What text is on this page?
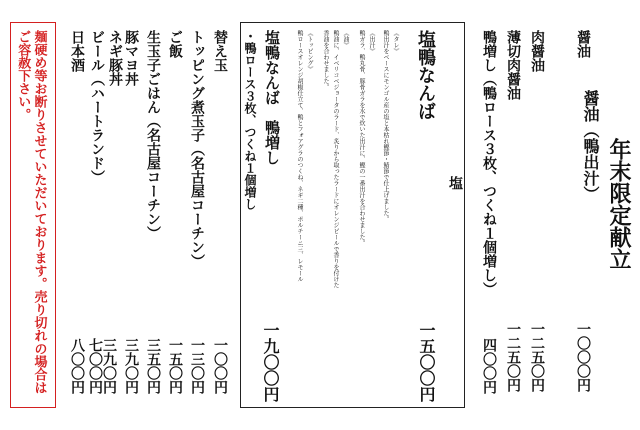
年末限定献立
醤油（鴨出汁）
醤油
一〇〇〇円
肉醤油
一二五〇円
薄切肉醤油
一二五〇円
鴨増し（鴨ロース３枚、つくね１個増し）
四〇〇円
塩
塩鴨なんば
一五〇〇円
《タレ》
鴨出汁をベースにモンゴル産の塩と本枯れ鰹節・鯖節で仕上げました。
《出汁》
鴨ガラ、鴨丸骨、豚骨ガラを水で炊いた出汁に、鰹の一番出汁を合わせました。
《油》
鴨油に、イベリコベジョータのラード、炙りから取ったラードにオレンジピールで香りを付けた
香油を合わせました。
《トッピング》
鴨ロースオレンジ胡椒仕立て、鴨とフォアグラのつくね、ネギ二種、ポルチーニ三、レモール
塩鴨なんば　鴨増し
・鴨ロース３枚、つくね１個増し
一九〇〇円
替え玉
一〇〇円
トッピング煮玉子（名古屋コーチン）
一三〇円
ご飯
一五〇円
生玉子ごはん（名古屋コーチン）
三五〇円
豚マヨ丼
三九〇円
ネギ豚丼
三九〇円
ビール（ハートランド）
七〇〇円
日本酒
八〇〇円
麺硬め等お断りさせていただいております。売り切れの場合はご容赦下さい。
